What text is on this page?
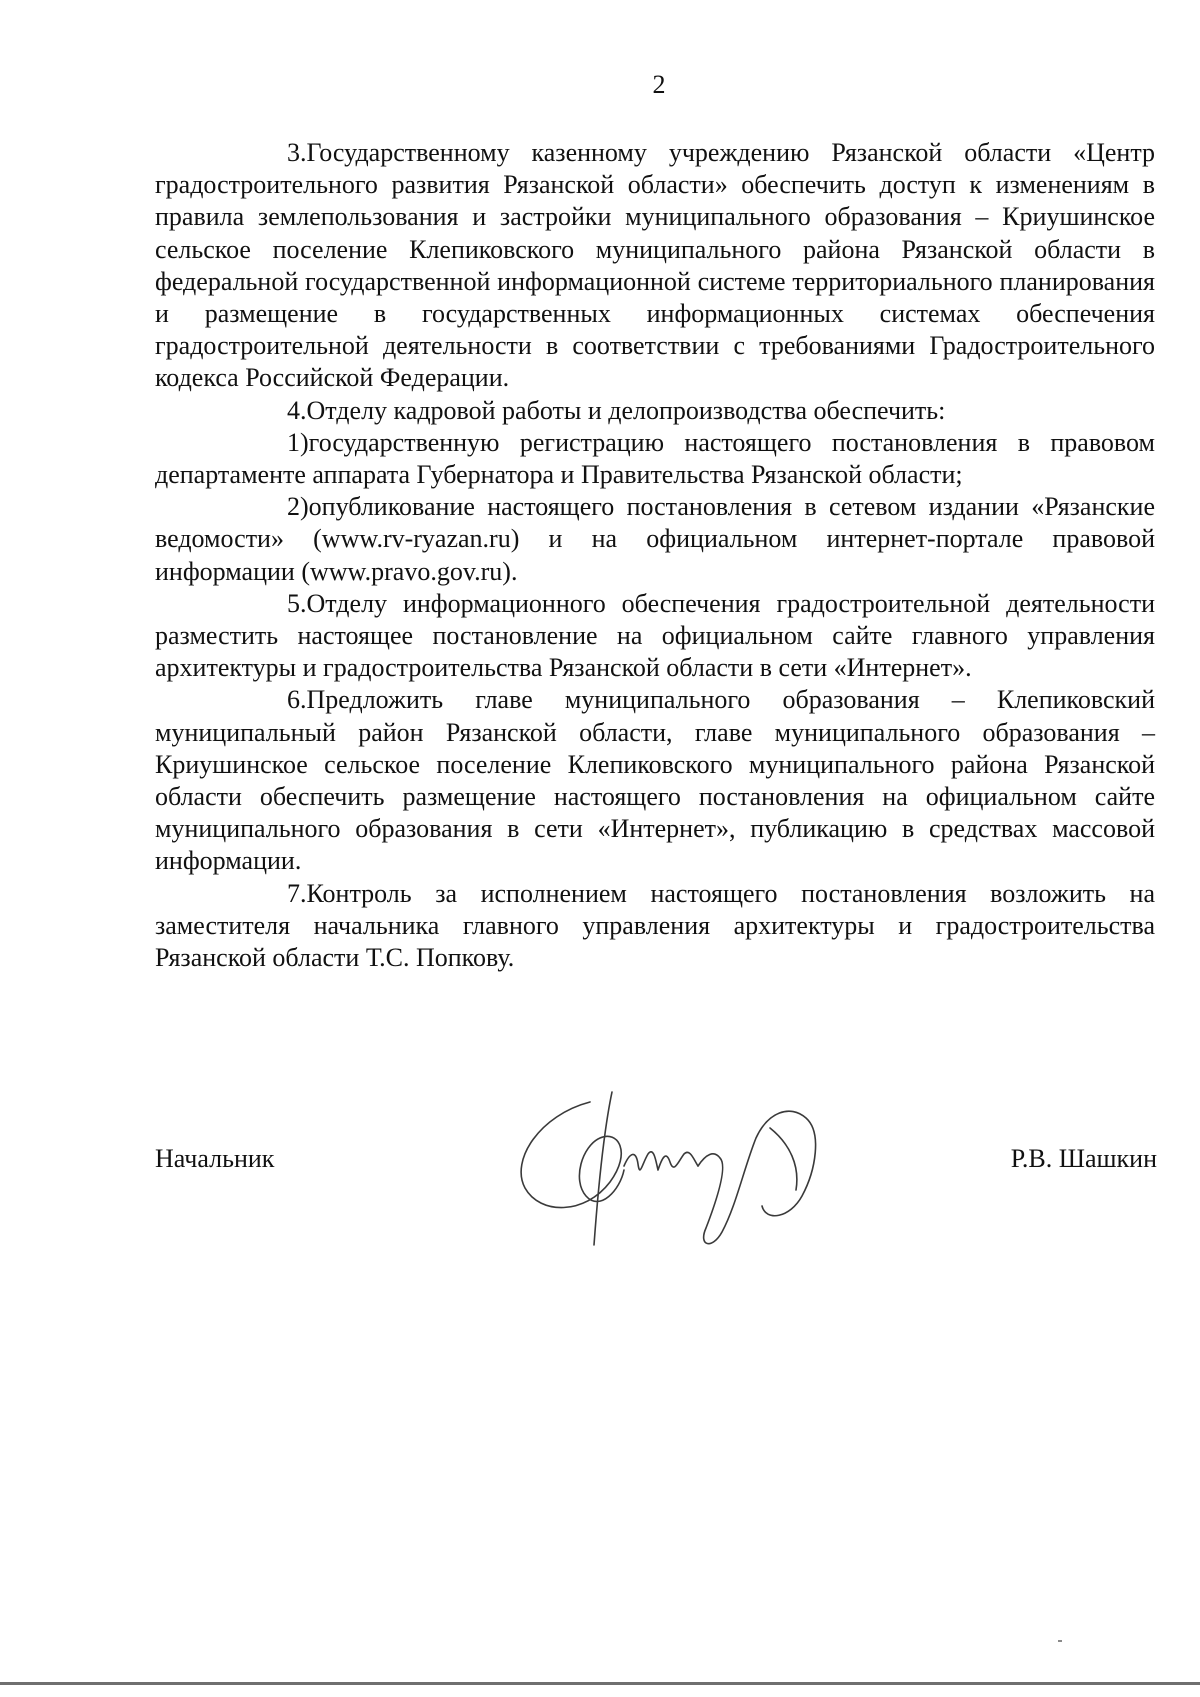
2

3.Государственному казенному учреждению Рязанской области «Центр градостроительного развития Рязанской области» обеспечить доступ к изменениям в правила землепользования и застройки муниципального образования – Криушинское сельское поселение Клепиковского муниципального района Рязанской области в федеральной государственной информационной системе территориального планирования и размещение в государственных информационных системах обеспечения градостроительной деятельности в соответствии с требованиями Градостроительного кодекса Российской Федерации.

4.Отделу кадровой работы и делопроизводства обеспечить:

1)государственную регистрацию настоящего постановления в правовом департаменте аппарата Губернатора и Правительства Рязанской области;

2)опубликование настоящего постановления в сетевом издании «Рязанские ведомости» (www.rv-ryazan.ru) и на официальном интернет-портале правовой информации (www.pravo.gov.ru).

5.Отделу информационного обеспечения градостроительной деятельности разместить настоящее постановление на официальном сайте главного управления архитектуры и градостроительства Рязанской области в сети «Интернет».

6.Предложить главе муниципального образования – Клепиковский муниципальный район Рязанской области, главе муниципального образования – Криушинское сельское поселение Клепиковского муниципального района Рязанской области обеспечить размещение настоящего постановления на официальном сайте муниципального образования в сети «Интернет», публикацию в средствах массовой информации.

7.Контроль за исполнением настоящего постановления возложить на заместителя начальника главного управления архитектуры и градостроительства Рязанской области Т.С. Попкову.

Начальник	Р.В. Шашкин
